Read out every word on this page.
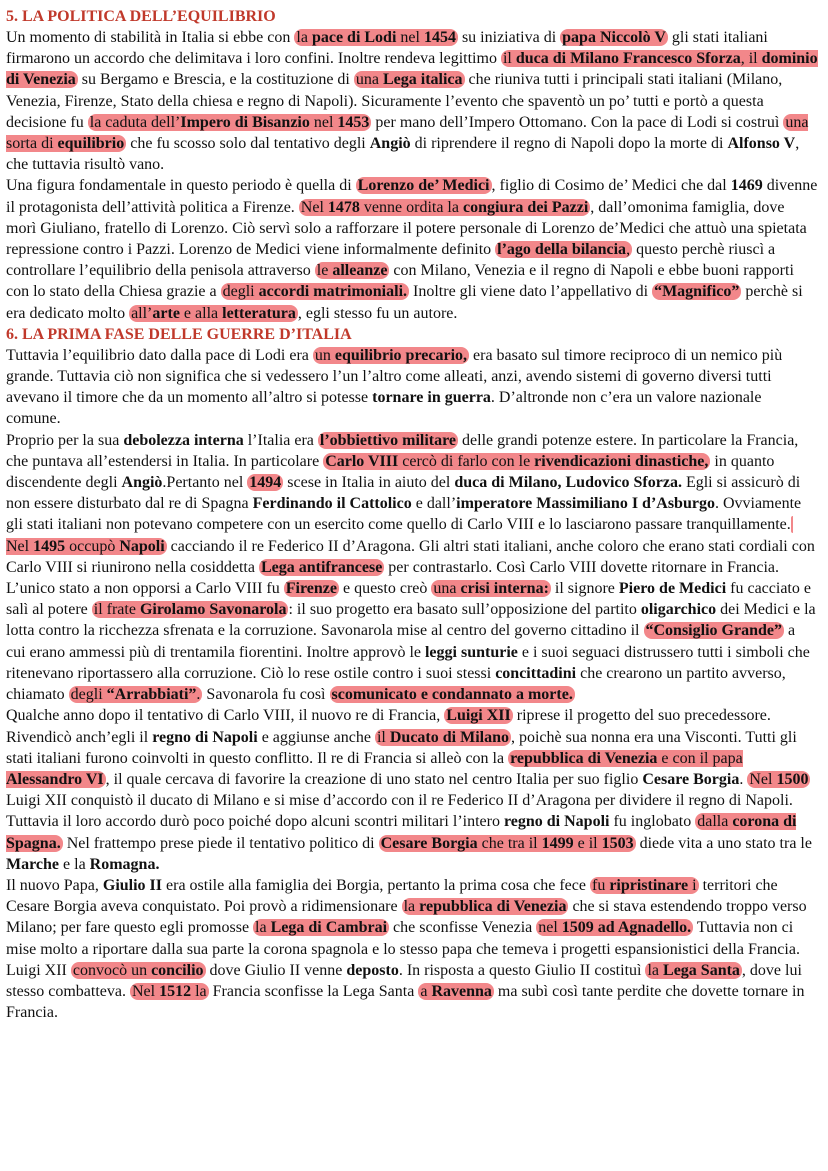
5. LA POLITICA DELL’EQUILIBRIO

Un momento di stabilità in Italia si ebbe con la pace di Lodi nel 1454 su iniziativa di papa Niccolò V gli stati italiani firmarono un accordo che delimitava i loro confini. Inoltre rendeva legittimo il duca di Milano Francesco Sforza, il dominio di Venezia su Bergamo e Brescia, e la costituzione di una Lega italica che riuniva tutti i principali stati italiani (Milano, Venezia, Firenze, Stato della chiesa e regno di Napoli). Sicuramente l’evento che spaventò un po’ tutti e portò a questa decisione fu la caduta dell’Impero di Bisanzio nel 1453 per mano dell’Impero Ottomano. Con la pace di Lodi si costruì una sorta di equilibrio che fu scosso solo dal tentativo degli Angiò di riprendere il regno di Napoli dopo la morte di Alfonso V, che tuttavia risultò vano.

Una figura fondamentale in questo periodo è quella di Lorenzo de’ Medici , figlio di Cosimo de’ Medici che dal 1469 divenne il protagonista dell’attività politica a Firenze. Nel 1478 venne ordita la congiura dei Pazzi , dall’omonima famiglia, dove morì Giuliano, fratello di Lorenzo. Ciò servì solo a rafforzare il potere personale di Lorenzo de’Medici che attuò una spietata repressione contro i Pazzi. Lorenzo de Medici viene informalmente definito l’ago della bilancia, questo perchè riuscì a controllare l’equilibrio della penisola attraverso le alleanze con Milano, Venezia e il regno di Napoli e ebbe buoni rapporti con lo stato della Chiesa grazie a degli accordi matrimoniali. Inoltre gli viene dato l’appellativo di “Magnifico” perchè si era dedicato molto all’arte e alla letteratura , egli stesso fu un autore.

6. LA PRIMA FASE DELLE GUERRE D’ITALIA

Tuttavia l’equilibrio dato dalla pace di Lodi era un equilibrio precario, era basato sul timore reciproco di un nemico più grande. Tuttavia ciò non significa che si vedessero l’un l’altro come alleati, anzi, avendo sistemi di governo diversi tutti avevano il timore che da un momento all’altro si potesse tornare in guerra. D’altronde non c’era un valore nazionale comune.

Proprio per la sua debolezza interna l’Italia era l’obbiettivo militare delle grandi potenze estere. In particolare la Francia, che puntava all’estendersi in Italia. In particolare Carlo VIII cercò di farlo con le rivendicazioni dinastiche, in quanto discendente degli Angiò.Pertanto nel 1494 scese in Italia in aiuto del duca di Milano, Ludovico Sforza. Egli si assicurò di non essere disturbato dal re di Spagna Ferdinando il Cattolico e dall’imperatore Massimiliano I d’Asburgo. Ovviamente gli stati italiani non potevano competere con un esercito come quello di Carlo VIII e lo lasciarono passare tranquillamente. Nel 1495 occupò Napoli cacciando il re Federico II d’Aragona. Gli altri stati italiani, anche coloro che erano stati cordiali con Carlo VIII si riunirono nella cosiddetta Lega antifrancese per contrastarlo. Così Carlo VIII dovette ritornare in Francia.

L’unico stato a non opporsi a Carlo VIII fu Firenze e questo creò una crisi interna: il signore Piero de Medici fu cacciato e salì al potere il frate Girolamo Savonarola : il suo progetto era basato sull’opposizione del partito oligarchico dei Medici e la lotta contro la ricchezza sfrenata e la corruzione. Savonarola mise al centro del governo cittadino il “Consiglio Grande” a cui erano ammessi più di trentamila fiorentini. Inoltre approvò le leggi sunturie e i suoi seguaci distrussero tutti i simboli che ritenevano riportassero alla corruzione. Ciò lo rese ostile contro i suoi stessi concittadini che crearono un partito avverso, chiamato degli “Arrabbiati”. Savonarola fu così scomunicato e condannato a morte.

Qualche anno dopo il tentativo di Carlo VIII, il nuovo re di Francia, Luigi XII riprese il progetto del suo precedessore. Rivendicò anch’egli il regno di Napoli e aggiunse anche il Ducato di Milano , poichè sua nonna era una Visconti. Tutti gli stati italiani furono coinvolti in questo conflitto. Il re di Francia si alleò con la repubblica di Venezia e con il papa Alessandro VI , il quale cercava di favorire la creazione di uno stato nel centro Italia per suo figlio Cesare Borgia. Nel 1500 Luigi XII conquistò il ducato di Milano e si mise d’accordo con il re Federico II d’Aragona per dividere il regno di Napoli. Tuttavia il loro accordo durò poco poiché dopo alcuni scontri militari l’intero regno di Napoli fu inglobato dalla corona di Spagna. Nel frattempo prese piede il tentativo politico di Cesare Borgia che tra il 1499 e il 1503 diede vita a uno stato tra le Marche e la Romagna.

Il nuovo Papa, Giulio II era ostile alla famiglia dei Borgia, pertanto la prima cosa che fece fu ripristinare i territori che Cesare Borgia aveva conquistato. Poi provò a ridimensionare la repubblica di Venezia che si stava estendendo troppo verso Milano; per fare questo egli promosse la Lega di Cambrai che sconfisse Venezia nel 1509 ad Agnadello. Tuttavia non ci mise molto a riportare dalla sua parte la corona spagnola e lo stesso papa che temeva i progetti espansionistici della Francia. Luigi XII convocò un concilio dove Giulio II venne deposto. In risposta a questo Giulio II costituì la Lega Santa , dove lui stesso combatteva. Nel 1512 la Francia sconfisse la Lega Santa a Ravenna ma subì così tante perdite che dovette tornare in Francia.
